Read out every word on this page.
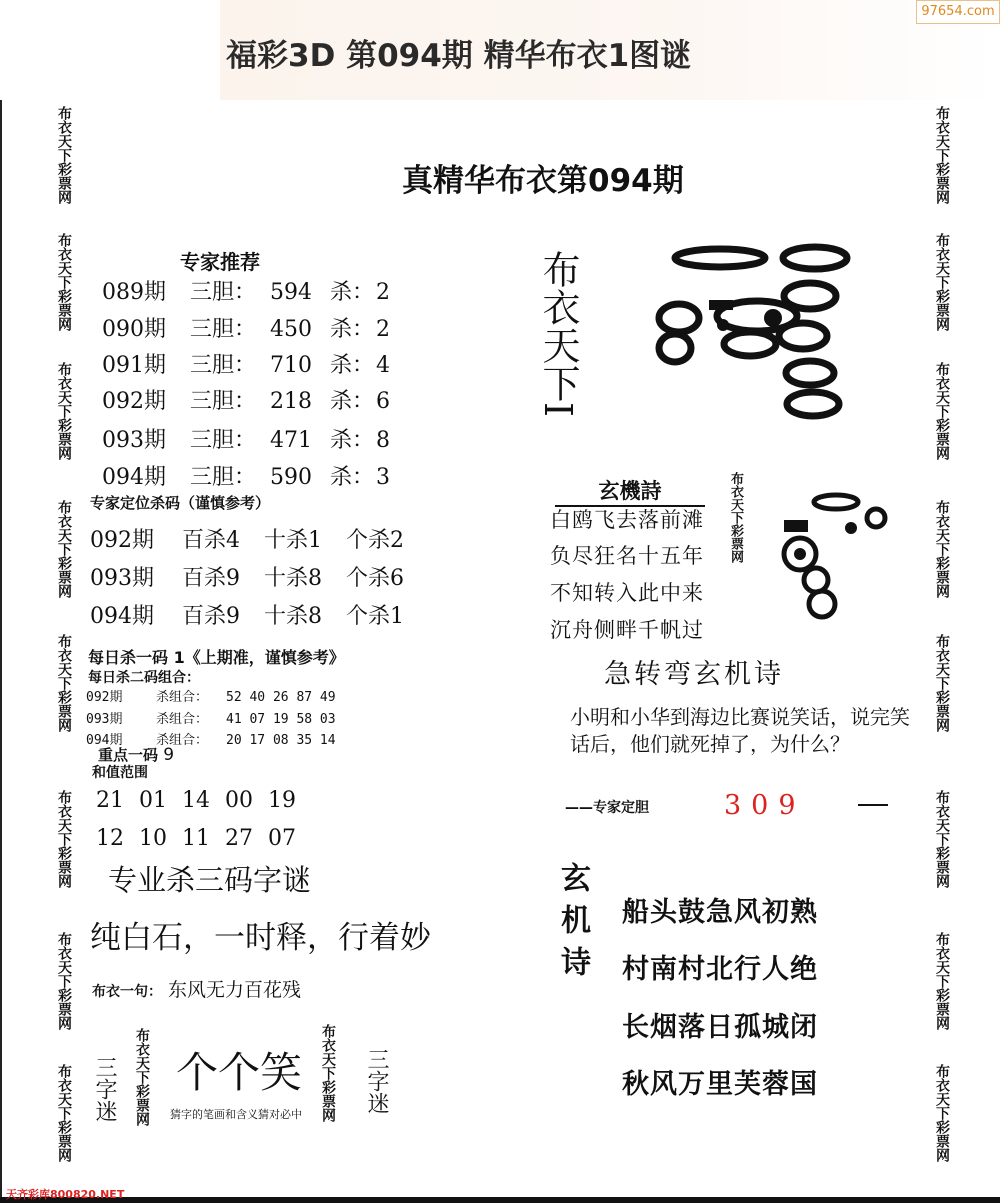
97654.com
福彩3D 第094期 精华布衣1图谜
布衣天下彩票网
布衣天下彩票网
布衣天下彩票网
布衣天下彩票网
布衣天下彩票网
布衣天下彩票网
布衣天下彩票网
布衣天下彩票网
布衣天下彩票网
布衣天下彩票网
布衣天下彩票网
布衣天下彩票网
布衣天下彩票网
布衣天下彩票网
布衣天下彩票网
布衣天下彩票网
真精华布衣第094期
专家推荐
089期 三胆： 594 杀：2
090期 三胆： 450 杀：2
091期 三胆： 710 杀：4
092期 三胆： 218 杀：6
093期 三胆： 471 杀：8
094期 三胆： 590 杀：3
专家定位杀码（谨慎参考）
092期 百杀4 十杀1 个杀2
093期 百杀9 十杀8 个杀6
094期 百杀9 十杀8 个杀1
每日杀一码 1《上期准，谨慎参考》
每日杀二码组合：
092期	杀组合： 52 40 26 87 49
093期	杀组合： 41 07 19 58 03
094期	杀组合： 20 17 08 35 14
重点一码 9
和值范围
21 01 14 00 19
12 10 11 27 07
专业杀三码字谜
纯白石，一时释，行着妙
布衣一句： 东风无力百花残
三字迷 布衣天下彩票网 个个笑
猜字的笔画和含义猜对必中	布衣天下彩票网 三字迷
布衣天下I
玄機詩
白鸥飞去落前滩
负尽狂名十五年
不知转入此中来
沉舟侧畔千帆过
布衣天下彩票网
急转弯玄机诗
小明和小华到海边比赛说笑话，说完笑话后，他们就死掉了，为什么？
——专家定胆	309
玄机诗 船头鼓急风初熟
村南村北行人绝
长烟落日孤城闭
秋风万里芙蓉国
天齐彩库800820.NET
